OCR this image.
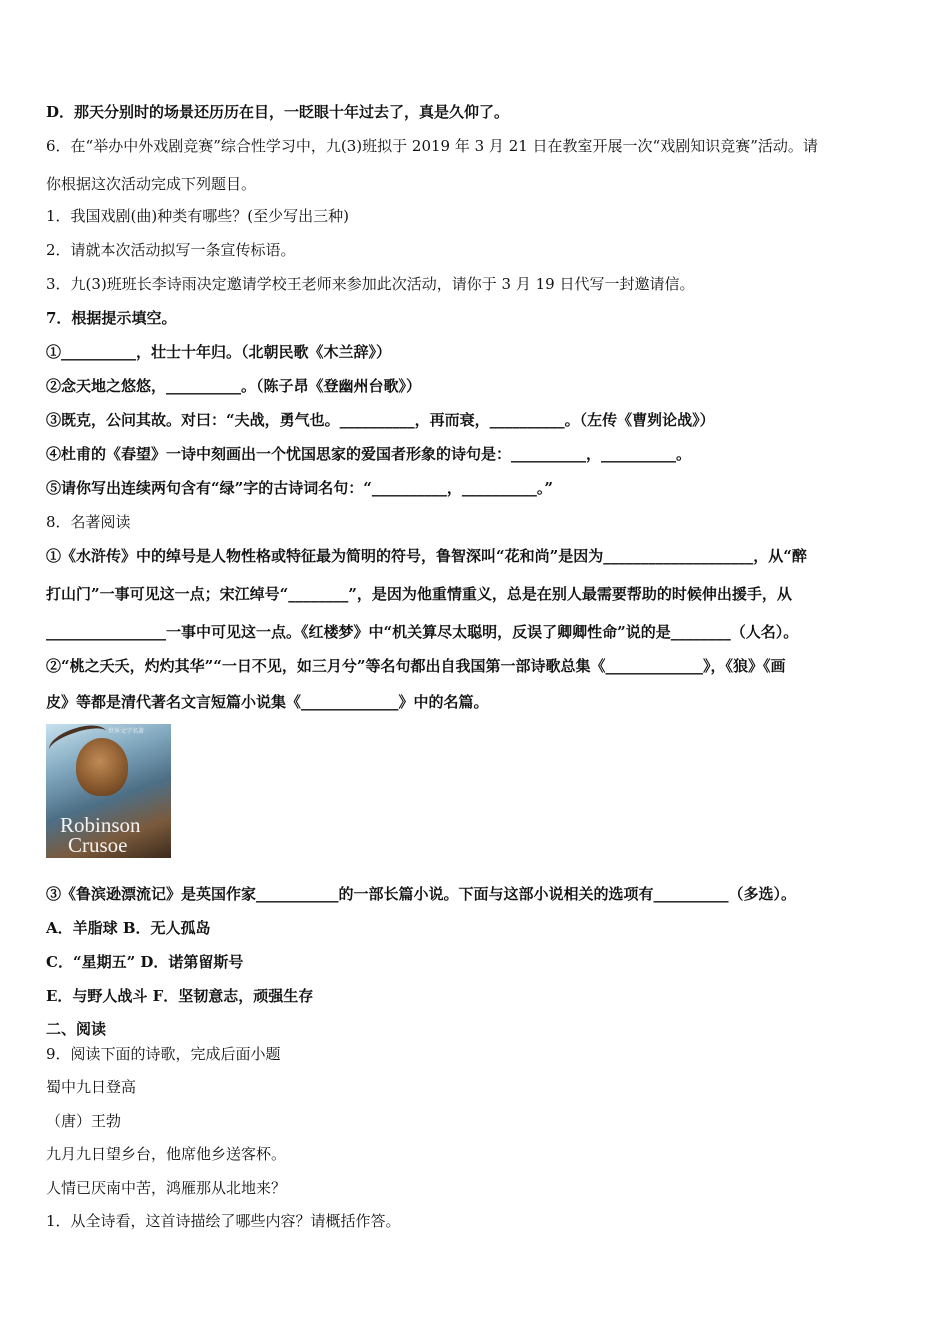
D．那天分别时的场景还历历在目，一眨眼十年过去了，真是久仰了。
6．在“举办中外戏剧竞赛”综合性学习中，九(3)班拟于 2019 年 3 月 21 日在教室开展一次“戏剧知识竞赛”活动。请
你根据这次活动完成下列题目。
1．我国戏剧(曲)种类有哪些？(至少写出三种)
2．请就本次活动拟写一条宣传标语。
3．九(3)班班长李诗雨决定邀请学校王老师来参加此次活动，请你于 3 月 19 日代写一封邀请信。
7．根据提示填空。
①__________，壮士十年归。（北朝民歌《木兰辞》）
②念天地之悠悠，__________。（陈子昂《登幽州台歌》）
③既克，公问其故。对曰：“夫战，勇气也。__________，再而衰，__________。（左传《曹刿论战》）
④杜甫的《春望》一诗中刻画出一个忧国思家的爱国者形象的诗句是：__________，__________。
⑤请你写出连续两句含有“绿”字的古诗词名句：“__________，__________。”
8．名著阅读
①《水浒传》中的绰号是人物性格或特征最为简明的符号，鲁智深叫“花和尚”是因为____________________，从“醉
打山门”一事可见这一点；宋江绰号“________”，是因为他重情重义，总是在别人最需要帮助的时候伸出援手，从
________________一事中可见这一点。《红楼梦》中“机关算尽太聪明，反误了卿卿性命”说的是________（人名）。
②“桃之夭夭，灼灼其华”“一日不见，如三月兮”等名句都出自我国第一部诗歌总集《_____________》，《狼》《画
皮》等都是清代著名文言短篇小说集《_____________》中的名篇。
世界文学名著
Robinson
Crusoe
③《鲁滨逊漂流记》是英国作家___________的一部长篇小说。下面与这部小说相关的选项有__________（多选）。
A．羊脂球 B．无人孤岛
C．“星期五” D．诺第留斯号
E．与野人战斗 F．坚韧意志，顽强生存
二、阅读
9．阅读下面的诗歌，完成后面小题
蜀中九日登高
（唐）王勃
九月九日望乡台，他席他乡送客杯。
人情已厌南中苦，鸿雁那从北地来？
1．从全诗看，这首诗描绘了哪些内容？请概括作答。
